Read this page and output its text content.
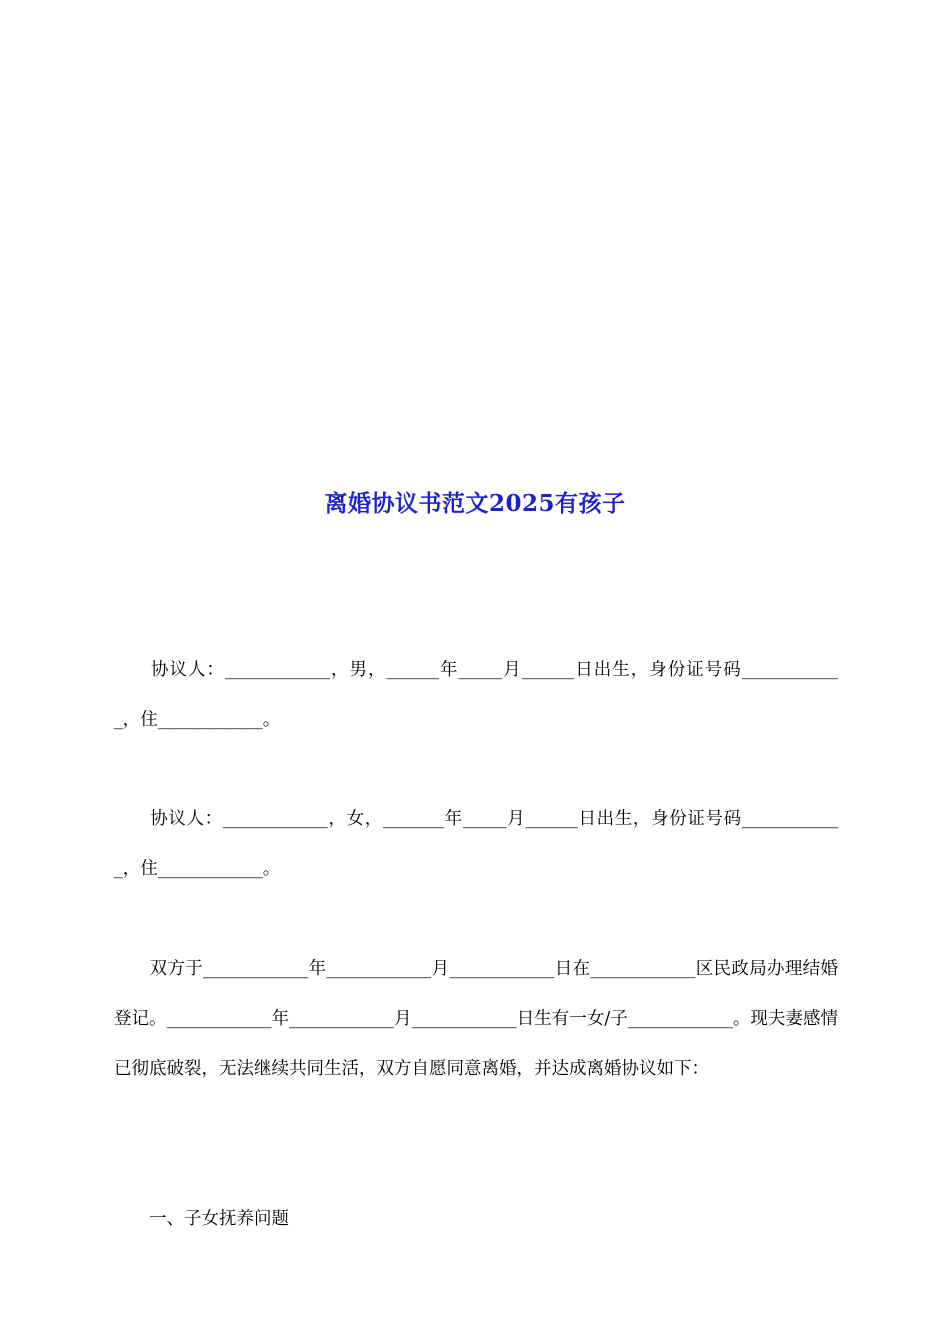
离婚协议书范文2025有孩子
　　协议人：____________，男，______年_____月______日出生，身份证号码____________，住____________。
　　协议人：____________，女，_______年_____月______日出生，身份证号码____________，住____________。
　　双方于____________年____________月____________日在____________区民政局办理结婚登记。____________年____________月____________日生有一女/子____________。现夫妻感情已彻底破裂，无法继续共同生活，双方自愿同意离婚，并达成离婚协议如下：
　　一、子女抚养问题
